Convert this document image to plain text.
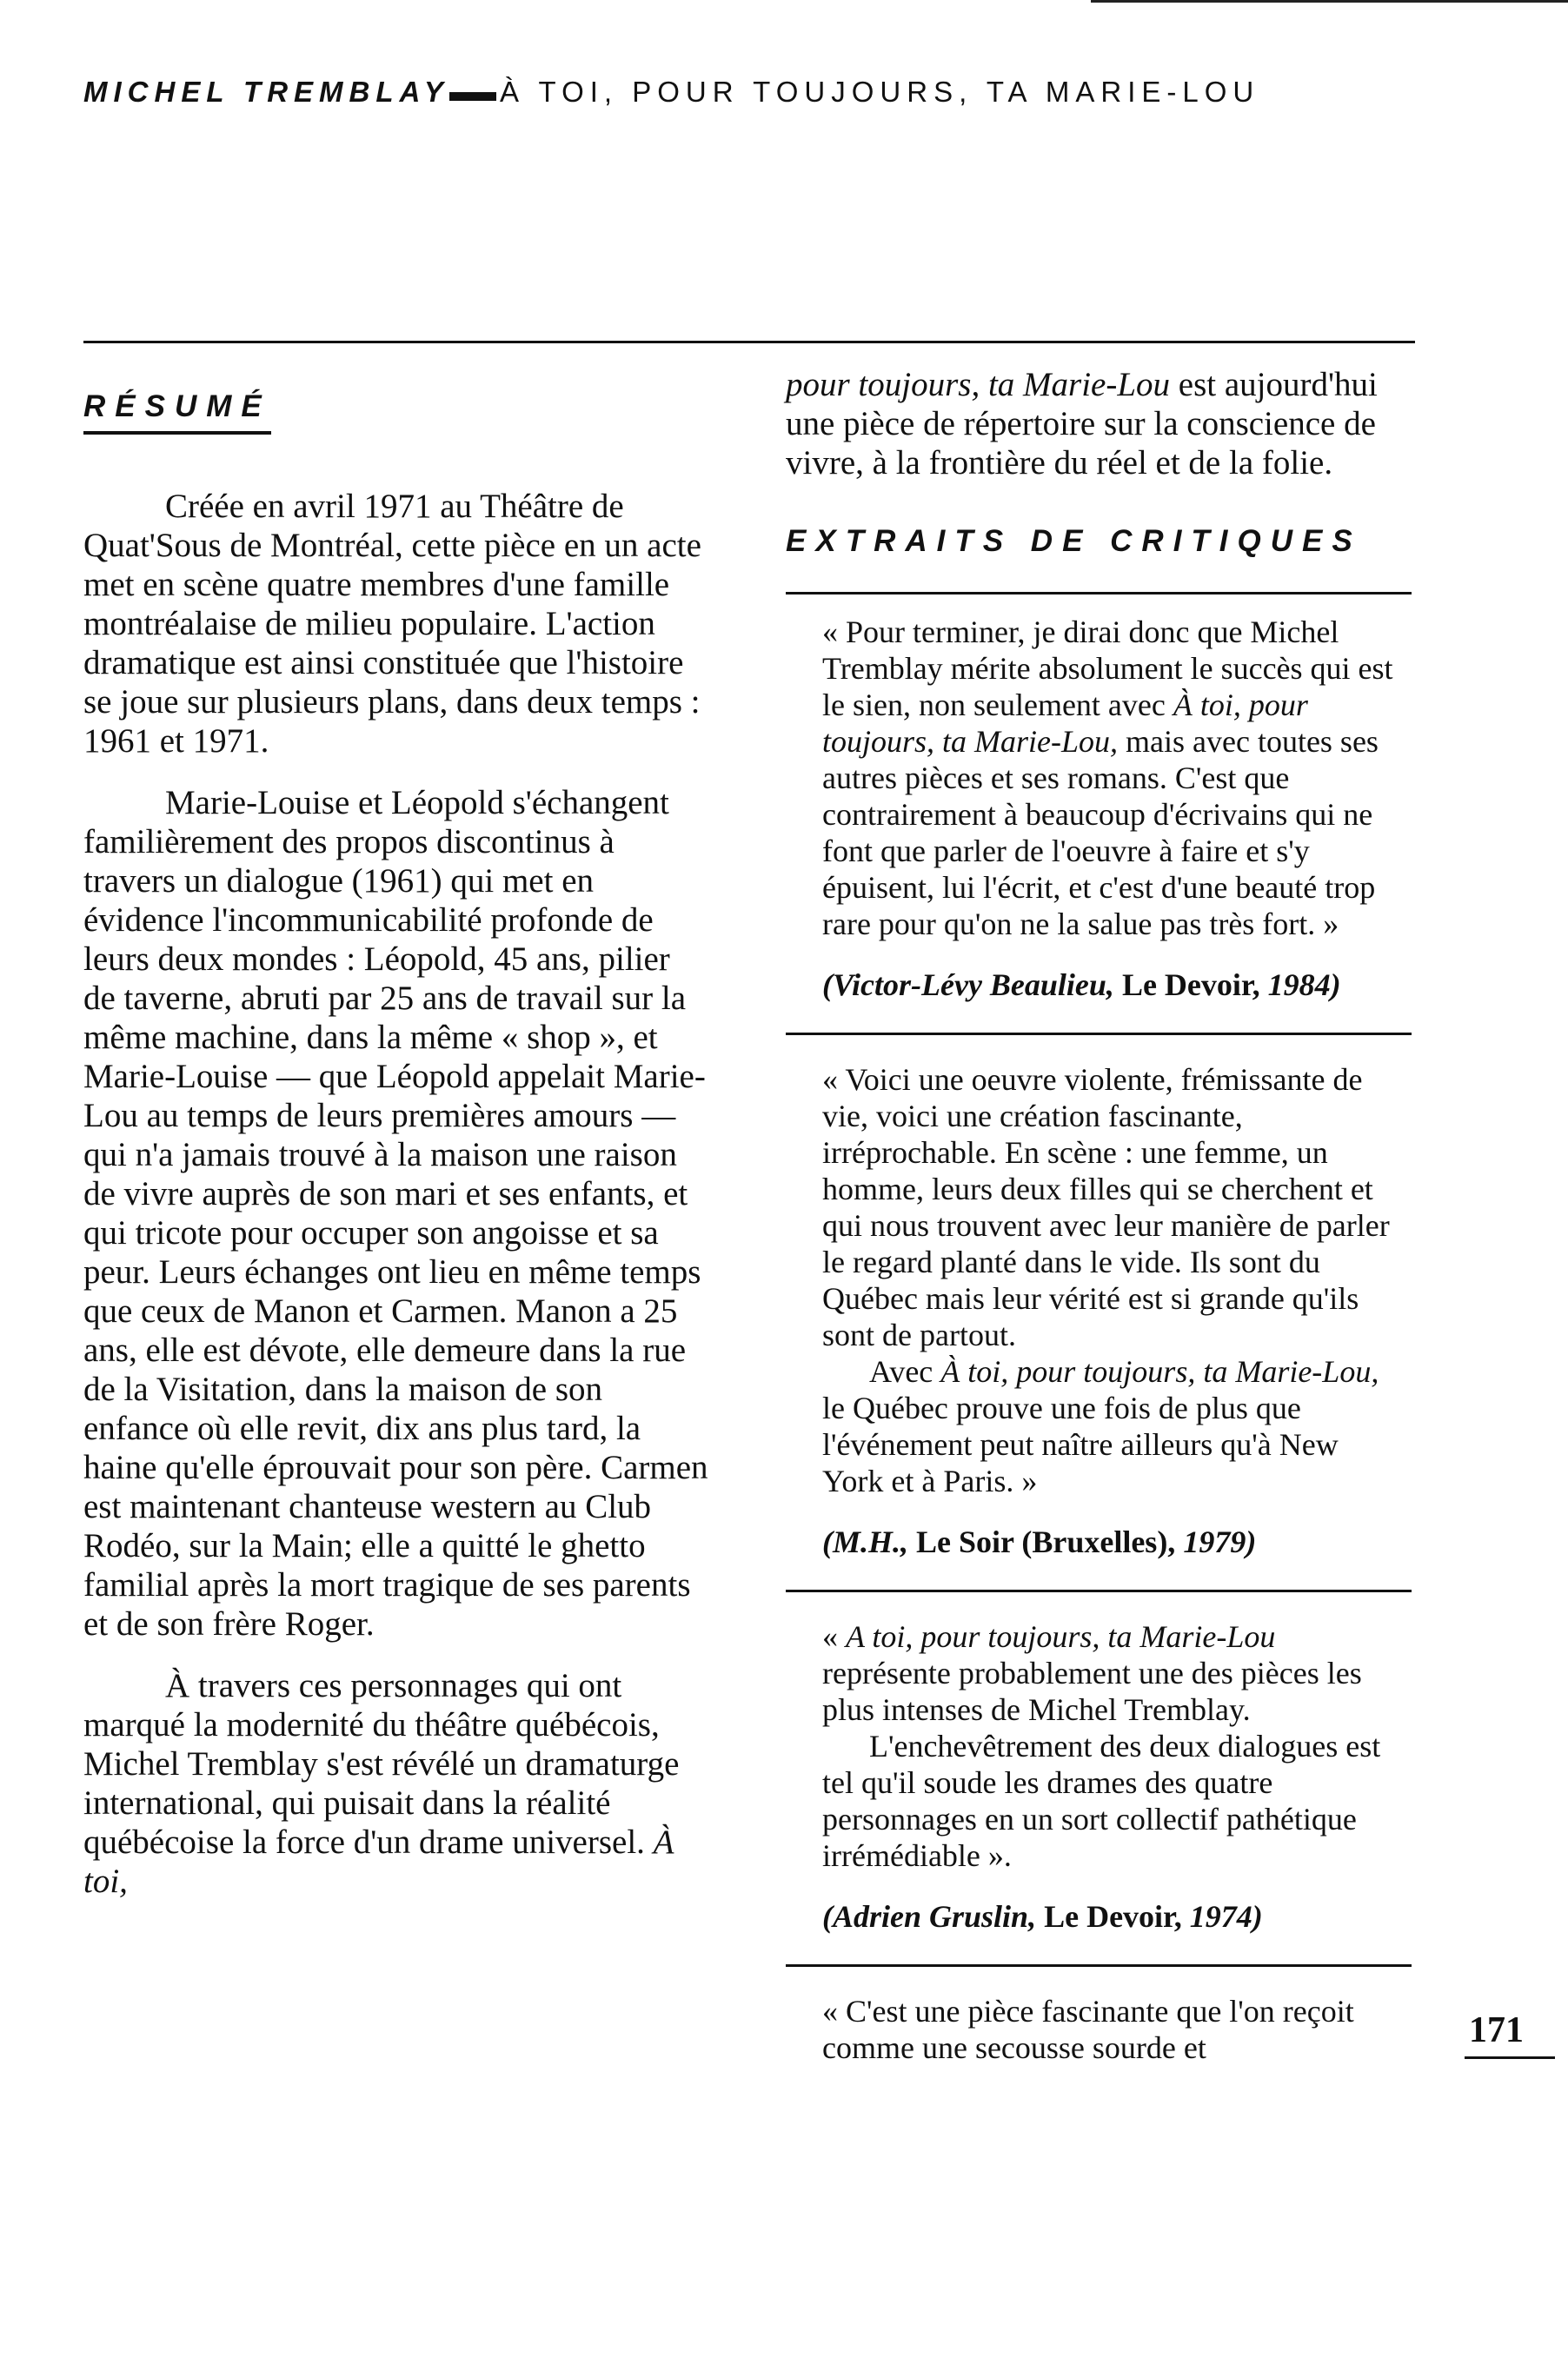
MICHEL TREMBLAY À TOI, POUR TOUJOURS, TA MARIE-LOU
RÉSUMÉ

Créée en avril 1971 au Théâtre de Quat'Sous de Montréal, cette pièce en un acte met en scène quatre membres d'une famille montréalaise de milieu populaire. L'action dramatique est ainsi constituée que l'histoire se joue sur plusieurs plans, dans deux temps : 1961 et 1971.

Marie-Louise et Léopold s'échangent familièrement des propos discontinus à travers un dialogue (1961) qui met en évidence l'incommunicabilité profonde de leurs deux mondes : Léopold, 45 ans, pilier de taverne, abruti par 25 ans de travail sur la même machine, dans la même « shop », et Marie-Louise — que Léopold appelait Marie-Lou au temps de leurs premières amours — qui n'a jamais trouvé à la maison une raison de vivre auprès de son mari et ses enfants, et qui tricote pour occuper son angoisse et sa peur. Leurs échanges ont lieu en même temps que ceux de Manon et Carmen. Manon a 25 ans, elle est dévote, elle demeure dans la rue de la Visitation, dans la maison de son enfance où elle revit, dix ans plus tard, la haine qu'elle éprouvait pour son père. Carmen est maintenant chanteuse western au Club Rodéo, sur la Main; elle a quitté le ghetto familial après la mort tragique de ses parents et de son frère Roger.

À travers ces personnages qui ont marqué la modernité du théâtre québécois, Michel Tremblay s'est révélé un dramaturge international, qui puisait dans la réalité québécoise la force d'un drame universel. À toi,

pour toujours, ta Marie-Lou est aujourd'hui une pièce de répertoire sur la conscience de vivre, à la frontière du réel et de la folie.

EXTRAITS DE CRITIQUES

« Pour terminer, je dirai donc que Michel Tremblay mérite absolument le succès qui est le sien, non seulement avec À toi, pour toujours, ta Marie-Lou, mais avec toutes ses autres pièces et ses romans. C'est que contrairement à beaucoup d'écrivains qui ne font que parler de l'oeuvre à faire et s'y épuisent, lui l'écrit, et c'est d'une beauté trop rare pour qu'on ne la salue pas très fort. »

(Victor-Lévy Beaulieu, Le Devoir, 1984)

« Voici une oeuvre violente, frémissante de vie, voici une création fascinante, irréprochable. En scène : une femme, un homme, leurs deux filles qui se cherchent et qui nous trouvent avec leur manière de parler le regard planté dans le vide. Ils sont du Québec mais leur vérité est si grande qu'ils sont de partout.

Avec À toi, pour toujours, ta Marie-Lou, le Québec prouve une fois de plus que l'événement peut naître ailleurs qu'à New York et à Paris. »

(M.H., Le Soir (Bruxelles), 1979)

« A toi, pour toujours, ta Marie-Lou représente probablement une des pièces les plus intenses de Michel Tremblay.

L'enchevêtrement des deux dialogues est tel qu'il soude les drames des quatre personnages en un sort collectif pathétique irrémédiable ».

(Adrien Gruslin, Le Devoir, 1974)

« C'est une pièce fascinante que l'on reçoit comme une secousse sourde et	171
